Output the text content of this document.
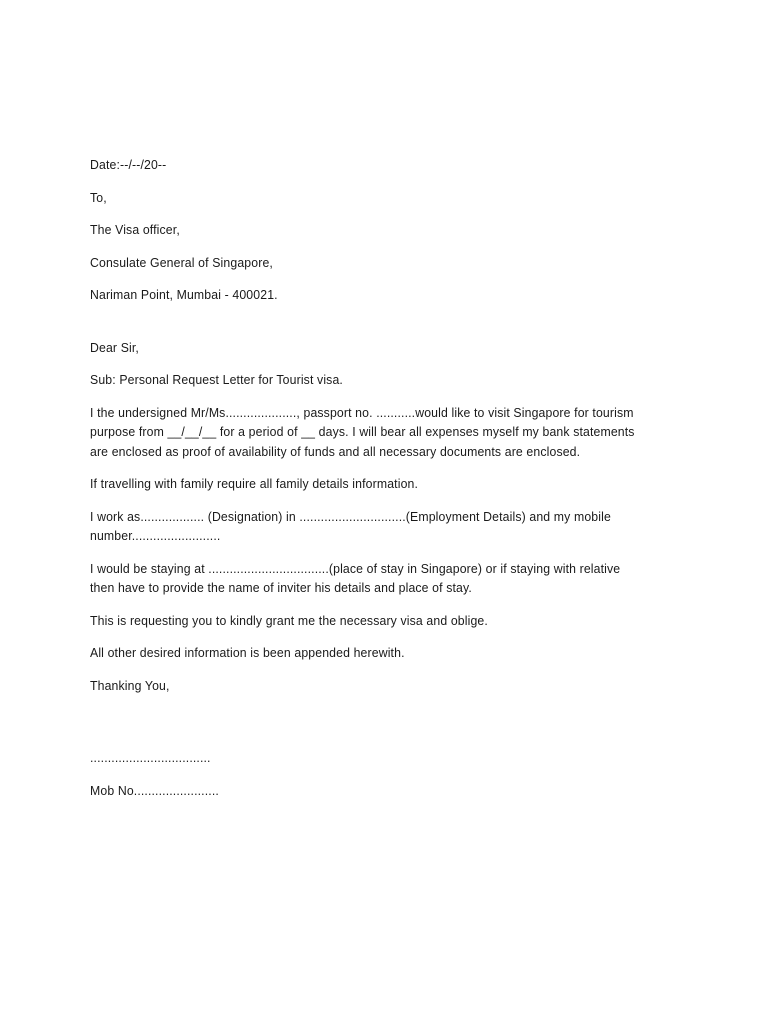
Date:--/--/20--

To,

The Visa officer,

Consulate General of Singapore,

Nariman Point, Mumbai - 400021.

Dear Sir,

Sub: Personal Request Letter for Tourist visa.

I the undersigned Mr/Ms...................., passport no. ...........would like to visit Singapore for tourism purpose from __/__/__ for a period of __ days. I will bear all expenses myself my bank statements are enclosed as proof of availability of funds and all necessary documents are enclosed.

If travelling with family require all family details information.

I work as.................. (Designation) in ..............................(Employment Details) and my mobile number.........................

I would be staying at ..................................(place of stay in Singapore) or if staying with relative then have to provide the name of inviter his details and place of stay.

This is requesting you to kindly grant me the necessary visa and oblige.

All other desired information is been appended herewith.

Thanking You,

..................................

Mob No........................
